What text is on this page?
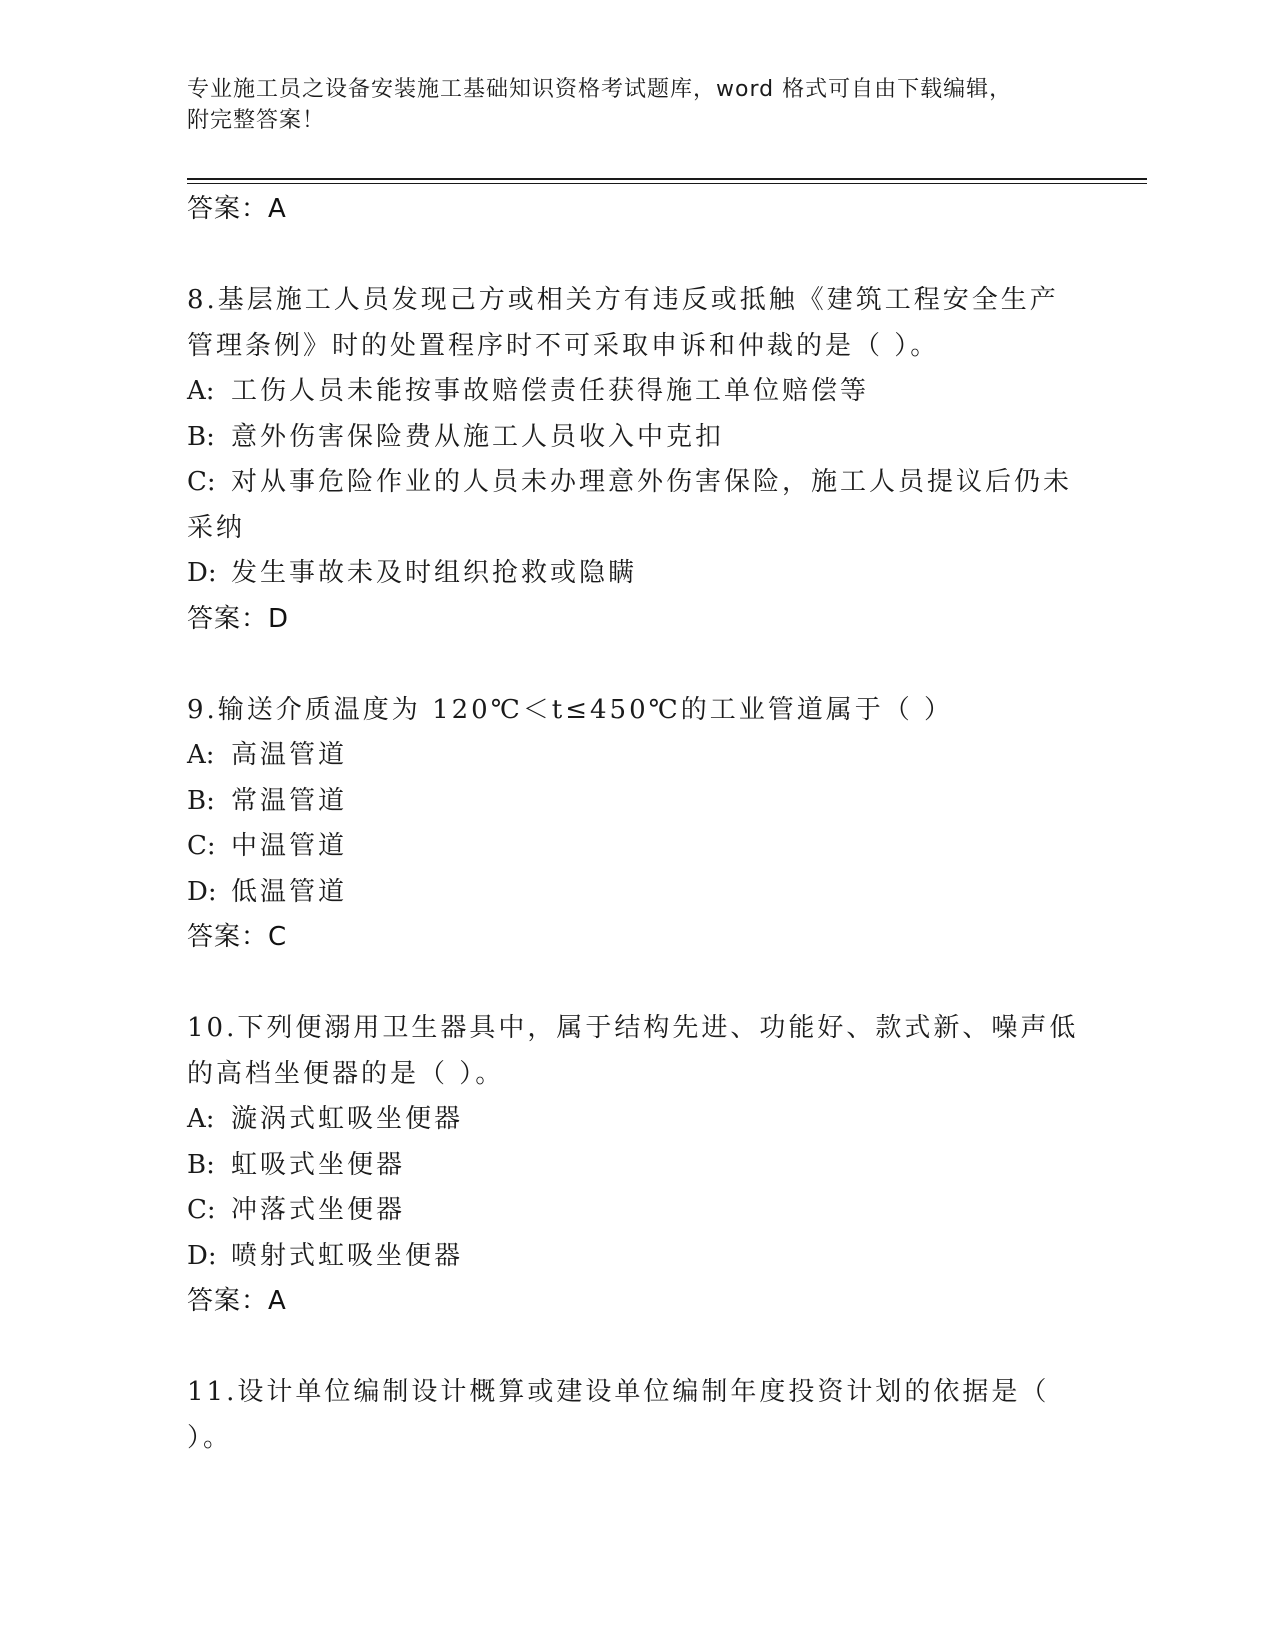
专业施工员之设备安装施工基础知识资格考试题库，word 格式可自由下载编辑，
附完整答案！
答案：A
8.基层施工人员发现己方或相关方有违反或抵触《建筑工程安全生产
管理条例》时的处置程序时不可采取申诉和仲裁的是（ ）。
A: 工伤人员未能按事故赔偿责任获得施工单位赔偿等
B: 意外伤害保险费从施工人员收入中克扣
C: 对从事危险作业的人员未办理意外伤害保险，施工人员提议后仍未
采纳
D: 发生事故未及时组织抢救或隐瞒
答案：D
9.输送介质温度为 120℃＜t≤450℃的工业管道属于（ ）
A: 高温管道
B: 常温管道
C: 中温管道
D: 低温管道
答案：C
10.下列便溺用卫生器具中，属于结构先进、功能好、款式新、噪声低
的高档坐便器的是（ ）。
A: 漩涡式虹吸坐便器
B: 虹吸式坐便器
C: 冲落式坐便器
D: 喷射式虹吸坐便器
答案：A
11.设计单位编制设计概算或建设单位编制年度投资计划的依据是（
）。
